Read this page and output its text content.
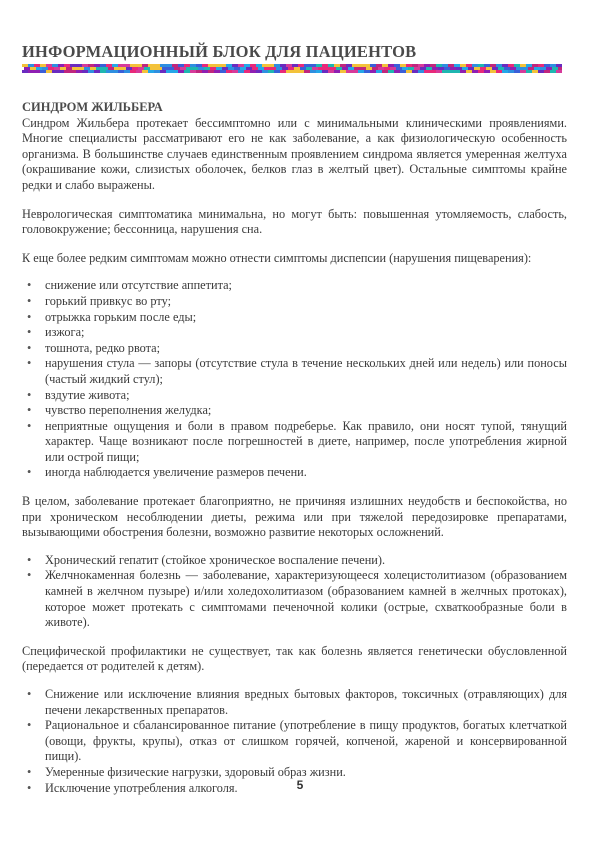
ИНФОРМАЦИОННЫЙ БЛОК ДЛЯ ПАЦИЕНТОВ
СИНДРОМ ЖИЛЬБЕРА

Синдром Жильбера протекает бессимптомно или с минимальными клиническими проявлениями. Многие специалисты рассматривают его не как заболевание, а как физиологическую особенность организма. В большинстве случаев единственным проявлением синдрома является умеренная желтуха (окрашивание кожи, слизистых оболочек, белков глаз в желтый цвет). Остальные симптомы крайне редки и слабо выражены.

Неврологическая симптоматика минимальна, но могут быть: повышенная утомляемость, слабость, головокружение; бессонница, нарушения сна.

К еще более редким симптомам можно отнести симптомы диспепсии (нарушения пищеварения):

• снижение или отсутствие аппетита;
• горький привкус во рту;
• отрыжка горьким после еды;
• изжога;
• тошнота, редко рвота;
• нарушения стула — запоры (отсутствие стула в течение нескольких дней или недель) или поносы (частый жидкий стул);
• вздутие живота;
• чувство переполнения желудка;
• неприятные ощущения и боли в правом подреберье. Как правило, они носят тупой, тянущий характер. Чаще возникают после погрешностей в диете, например, после употребления жирной или острой пищи;
• иногда наблюдается увеличение размеров печени.

В целом, заболевание протекает благоприятно, не причиняя излишних неудобств и беспокойства, но при хроническом несоблюдении диеты, режима или при тяжелой передозировке препаратами, вызывающими обострения болезни, возможно развитие некоторых осложнений.

• Хронический гепатит (стойкое хроническое воспаление печени).
• Желчнокаменная болезнь — заболевание, характеризующееся холецистолитиазом (образованием камней в желчном пузыре) и/или холедохолитиазом (образованием камней в желчных протоках), которое может протекать с симптомами печеночной колики (острые, схваткообразные боли в животе).

Специфической профилактики не существует, так как болезнь является генетически обусловленной (передается от родителей к детям).

• Снижение или исключение влияния вредных бытовых факторов, токсичных (отравляющих) для печени лекарственных препаратов.
• Рациональное и сбалансированное питание (употребление в пищу продуктов, богатых клетчаткой (овощи, фрукты, крупы), отказ от слишком горячей, копченой, жареной и консервированной пищи).
• Умеренные физические нагрузки, здоровый образ жизни.
• Исключение употребления алкоголя.	5
